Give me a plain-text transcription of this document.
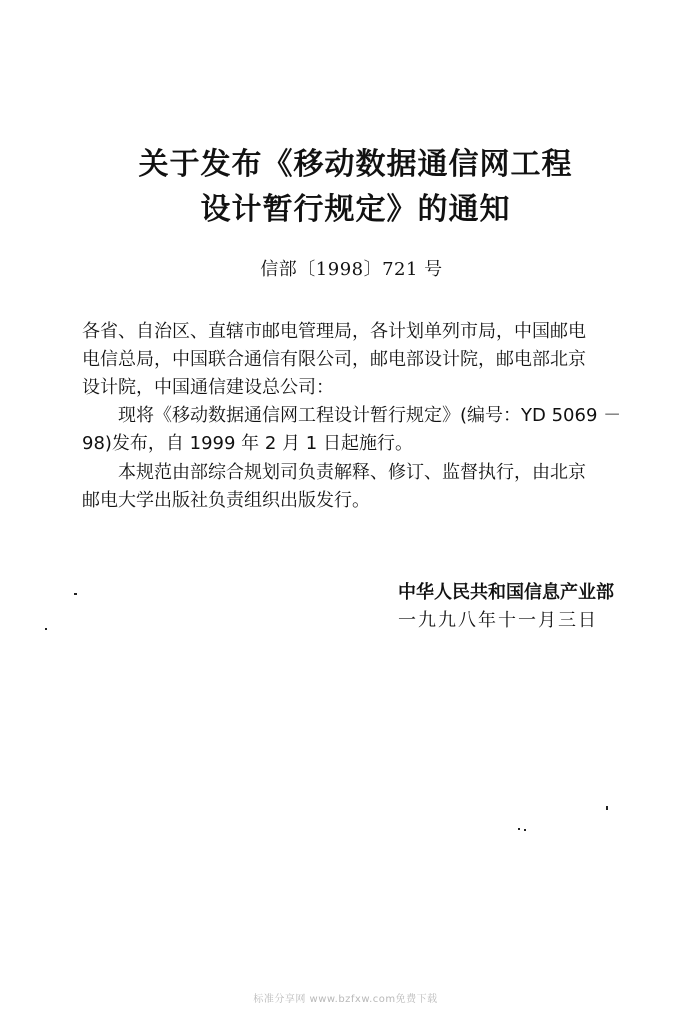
关于发布《移动数据通信网工程
设计暂行规定》的通知
信部〔1998〕721 号
各省、自治区、直辖市邮电管理局，各计划单列市局，中国邮电
电信总局，中国联合通信有限公司，邮电部设计院，邮电部北京
设计院，中国通信建设总公司：
现将《移动数据通信网工程设计暂行规定》(编号：YD 5069 －
98)发布，自 1999 年 2 月 1 日起施行。
本规范由部综合规划司负责解释、修订、监督执行，由北京
邮电大学出版社负责组织出版发行。
中华人民共和国信息产业部
一九九八年十一月三日
标准分享网 www.bzfxw.com免费下载
